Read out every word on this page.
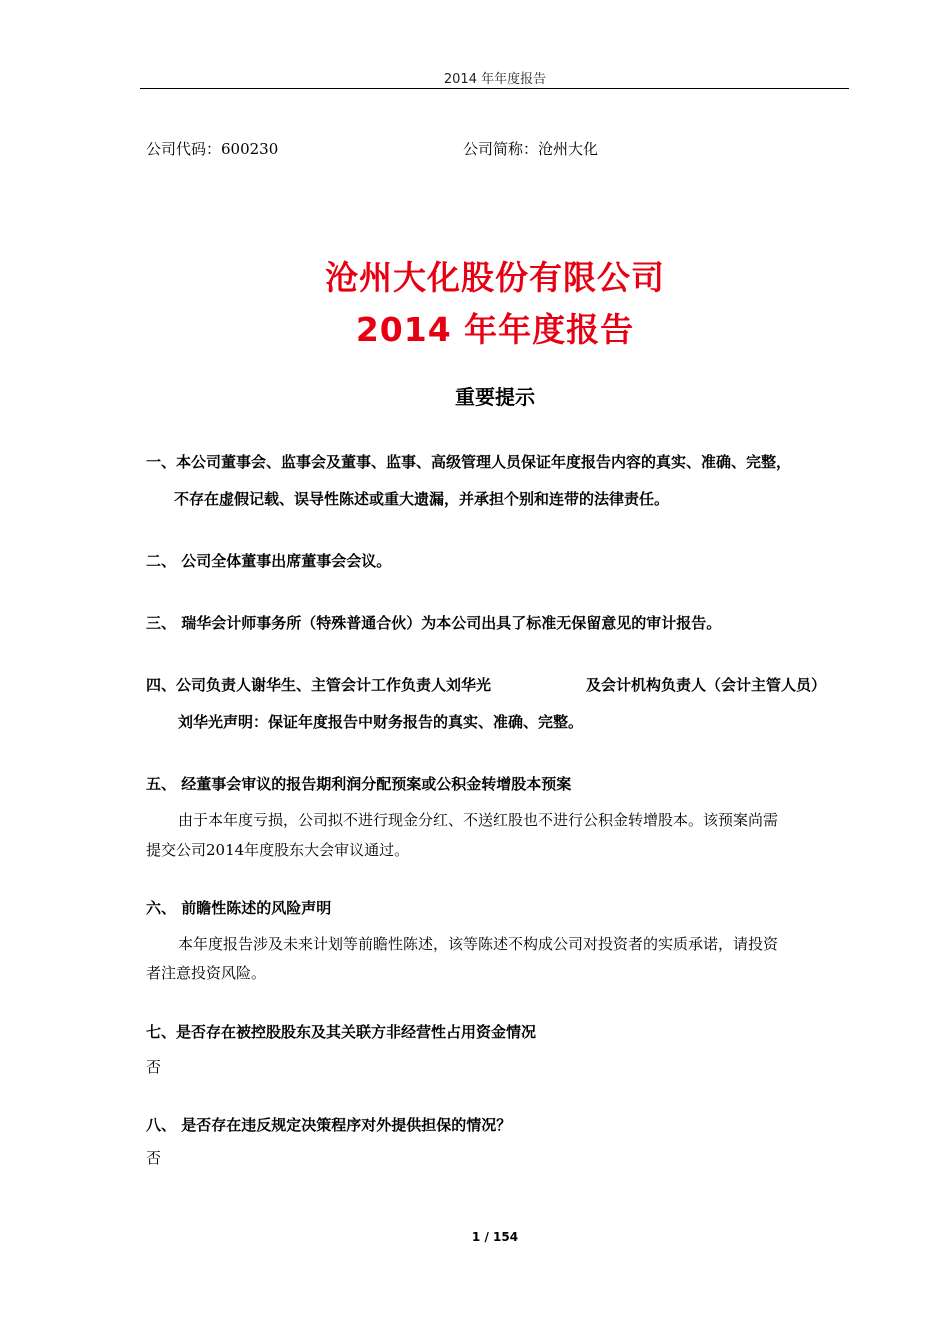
2014 年年度报告
公司代码：600230	公司简称：沧州大化
沧州大化股份有限公司
2014 年年度报告
重要提示
一、本公司董事会、监事会及董事、监事、高级管理人员保证年度报告内容的真实、准确、完整，
不存在虚假记载、误导性陈述或重大遗漏，并承担个别和连带的法律责任。
二、 公司全体董事出席董事会会议。
三、 瑞华会计师事务所（特殊普通合伙）为本公司出具了标准无保留意见的审计报告。
四、公司负责人谢华生、主管会计工作负责人刘华光	及会计机构负责人（会计主管人员）
刘华光声明：保证年度报告中财务报告的真实、准确、完整。
五、 经董事会审议的报告期利润分配预案或公积金转增股本预案
由于本年度亏损，公司拟不进行现金分红、不送红股也不进行公积金转增股本。该预案尚需
提交公司2014年度股东大会审议通过。
六、 前瞻性陈述的风险声明
本年度报告涉及未来计划等前瞻性陈述，该等陈述不构成公司对投资者的实质承诺，请投资
者注意投资风险。
七、是否存在被控股股东及其关联方非经营性占用资金情况
否
八、 是否存在违反规定决策程序对外提供担保的情况？
否
1 / 154
